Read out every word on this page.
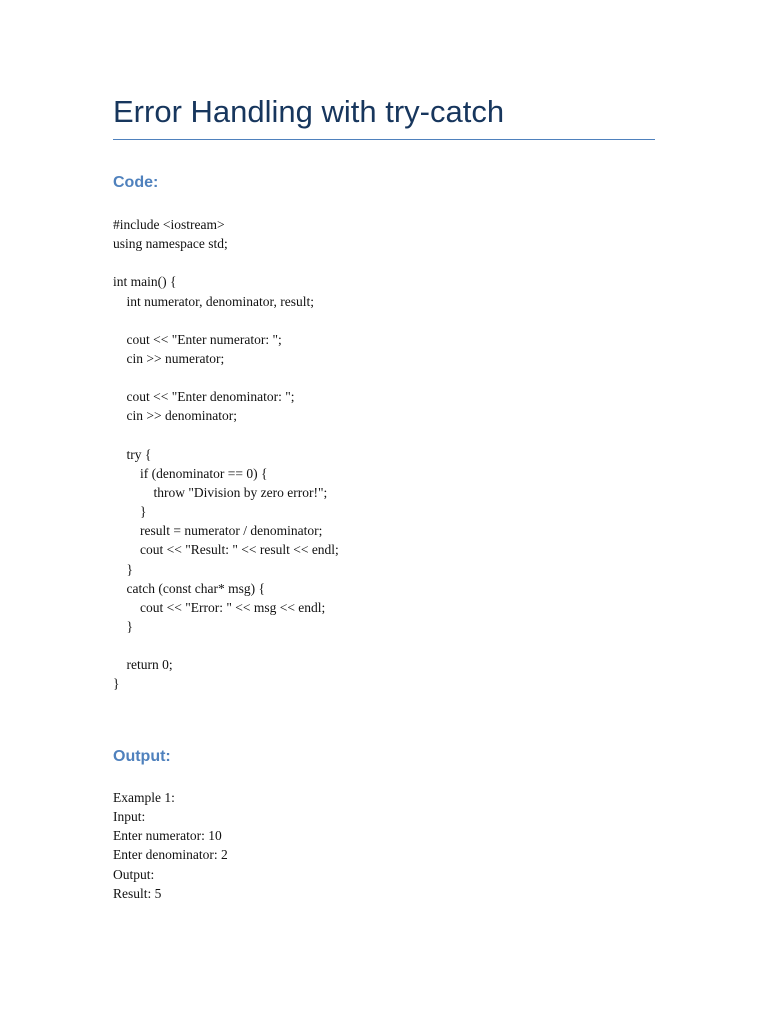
Error Handling with try-catch
Code:
#include <iostream>
using namespace std;
int main() {
int numerator, denominator, result;
cout << "Enter numerator: ";
cin >> numerator;
cout << "Enter denominator: ";
cin >> denominator;
try {
if (denominator == 0) {
throw "Division by zero error!";
}
result = numerator / denominator;
cout << "Result: " << result << endl;
}
catch (const char* msg) {
cout << "Error: " << msg << endl;
}
return 0;
}
Output:
Example 1:
Input:
Enter numerator: 10
Enter denominator: 2
Output:
Result: 5
